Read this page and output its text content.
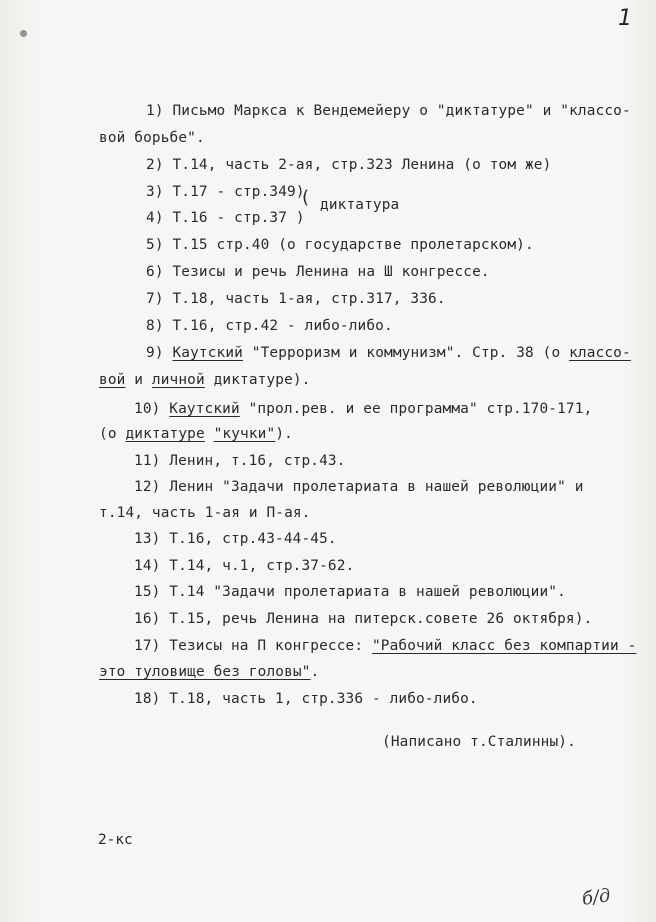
1
1) Письмо Маркса к Вендемейеру о "диктатуре" и "классо-
вой борьбе".
2) Т.14, часть 2-ая, стр.323 Ленина (о том же)
3) Т.17 - стр.349)
( диктатура
4) Т.16 - стр.37 )
5) Т.15 стр.40 (о государстве пролетарском).
6) Тезисы и речь Ленина на Ш конгрессе.
7) Т.18, часть 1-ая, стр.317, 336.
8) Т.16, стр.42 - либо-либо.
9) Каутский "Терроризм и коммунизм". Стр. 38 (о классо-
вой и личной диктатуре).
10) Каутский "прол.рев. и ее программа" стр.170-171,
(о диктатуре "кучки").
11) Ленин, т.16, стр.43.
12) Ленин "Задачи пролетариата в нашей революции" и
т.14, часть 1-ая и П-ая.
13) Т.16, стр.43-44-45.
14) Т.14, ч.1, стр.37-62.
15) Т.14 "Задачи пролетариата в нашей революции".
16) Т.15, речь Ленина на питерск.совете 26 октября).
17) Тезисы на П конгрессе: "Рабочий класс без компартии -
это туловище без головы".
18) Т.18, часть 1, стр.336 - либо-либо.
(Написано т.Сталинны).
2-кс
б/д
